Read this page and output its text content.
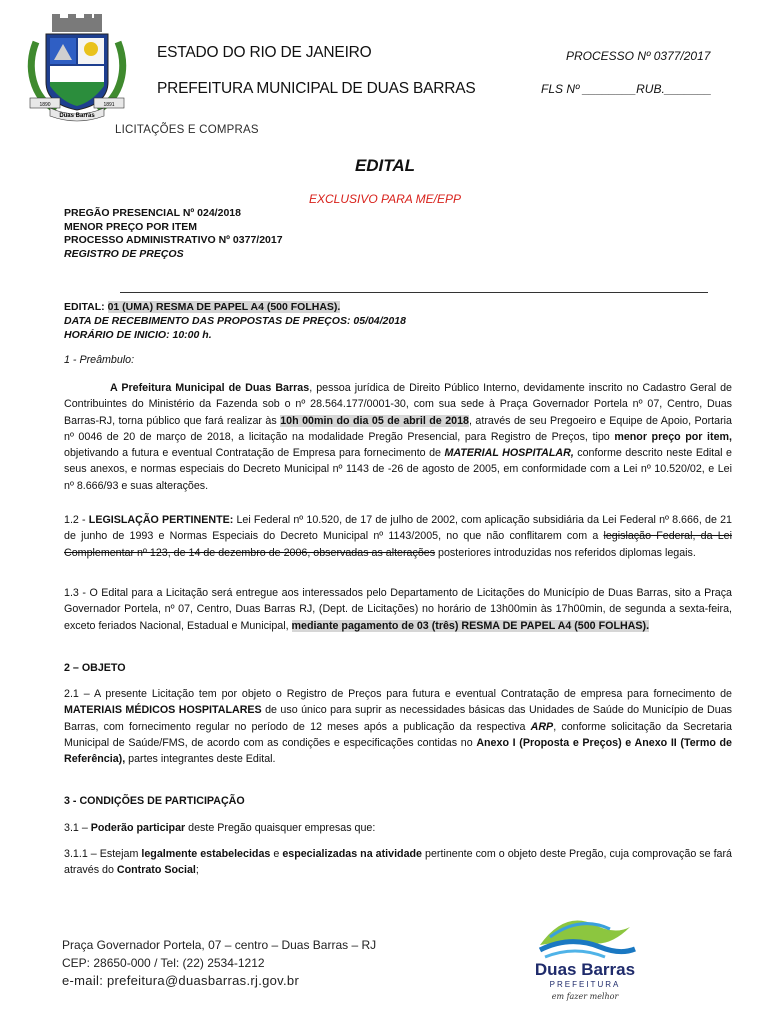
1890	1891
Duas Barras
ESTADO DO RIO DE JANEIRO
PREFEITURA MUNICIPAL DE DUAS BARRAS
PROCESSO Nº 0377/2017
FLS Nº ________RUB._______
LICITAÇÕES E COMPRAS
EDITAL
EXCLUSIVO PARA ME/EPP
PREGÃO PRESENCIAL Nº 024/2018
MENOR PREÇO POR ITEM
PROCESSO ADMINISTRATIVO Nº 0377/2017
REGISTRO DE PREÇOS
EDITAL: 01 (UMA) RESMA DE PAPEL A4 (500 FOLHAS).
DATA DE RECEBIMENTO DAS PROPOSTAS DE PREÇOS: 05/04/2018
HORÁRIO DE INICIO: 10:00 h.

1 - Preâmbulo:

A Prefeitura Municipal de Duas Barras, pessoa jurídica de Direito Público Interno, devidamente inscrito no Cadastro Geral de Contribuintes do Ministério da Fazenda sob o nº 28.564.177/0001-30, com sua sede à Praça Governador Portela nº 07, Centro, Duas Barras-RJ, torna público que fará realizar às 10h 00min do dia 05 de abril de 2018, através de seu Pregoeiro e Equipe de Apoio, Portaria nº 0046 de 20 de março de 2018, a licitação na modalidade Pregão Presencial, para Registro de Preços, tipo menor preço por item, objetivando a futura e eventual Contratação de Empresa para fornecimento de MATERIAL HOSPITALAR, conforme descrito neste Edital e seus anexos, e normas especiais do Decreto Municipal nº 1143 de -26 de agosto de 2005, em conformidade com a Lei nº 10.520/02, e Lei nº 8.666/93 e suas alterações.

1.2 - LEGISLAÇÃO PERTINENTE: Lei Federal nº 10.520, de 17 de julho de 2002, com aplicação subsidiária da Lei Federal nº 8.666, de 21 de junho de 1993 e Normas Especiais do Decreto Municipal nº 1143/2005, no que não conflitarem com a legislação Federal, da Lei Complementar nº 123, de 14 de dezembro de 2006, observadas as alterações posteriores introduzidas nos referidos diplomas legais.

1.3 - O Edital para a Licitação será entregue aos interessados pelo Departamento de Licitações do Município de Duas Barras, sito a Praça Governador Portela, nº 07, Centro, Duas Barras RJ, (Dept. de Licitações) no horário de 13h00min às 17h00min, de segunda a sexta-feira, exceto feriados Nacional, Estadual e Municipal, mediante pagamento de 03 (três) RESMA DE PAPEL A4 (500 FOLHAS).

2 – OBJETO

2.1 – A presente Licitação tem por objeto o Registro de Preços para futura e eventual Contratação de empresa para fornecimento de MATERIAIS MÉDICOS HOSPITALARES de uso único para suprir as necessidades básicas das Unidades de Saúde do Município de Duas Barras, com fornecimento regular no período de 12 meses após a publicação da respectiva ARP, conforme solicitação da Secretaria Municipal de Saúde/FMS, de acordo com as condições e especificações contidas no Anexo I (Proposta e Preços) e Anexo II (Termo de Referência), partes integrantes deste Edital.

3 - CONDIÇÕES DE PARTICIPAÇÃO

3.1 – Poderão participar deste Pregão quaisquer empresas que:

3.1.1 – Estejam legalmente estabelecidas e especializadas na atividade pertinente com o objeto deste Pregão, cuja comprovação se fará através do Contrato Social;

Praça Governador Portela, 07 – centro – Duas Barras – RJ
CEP: 28650-000 / Tel: (22) 2534-1212
e-mail: prefeitura@duasbarras.rj.gov.br
Duas Barras
PREFEITURA
em fazer melhor
